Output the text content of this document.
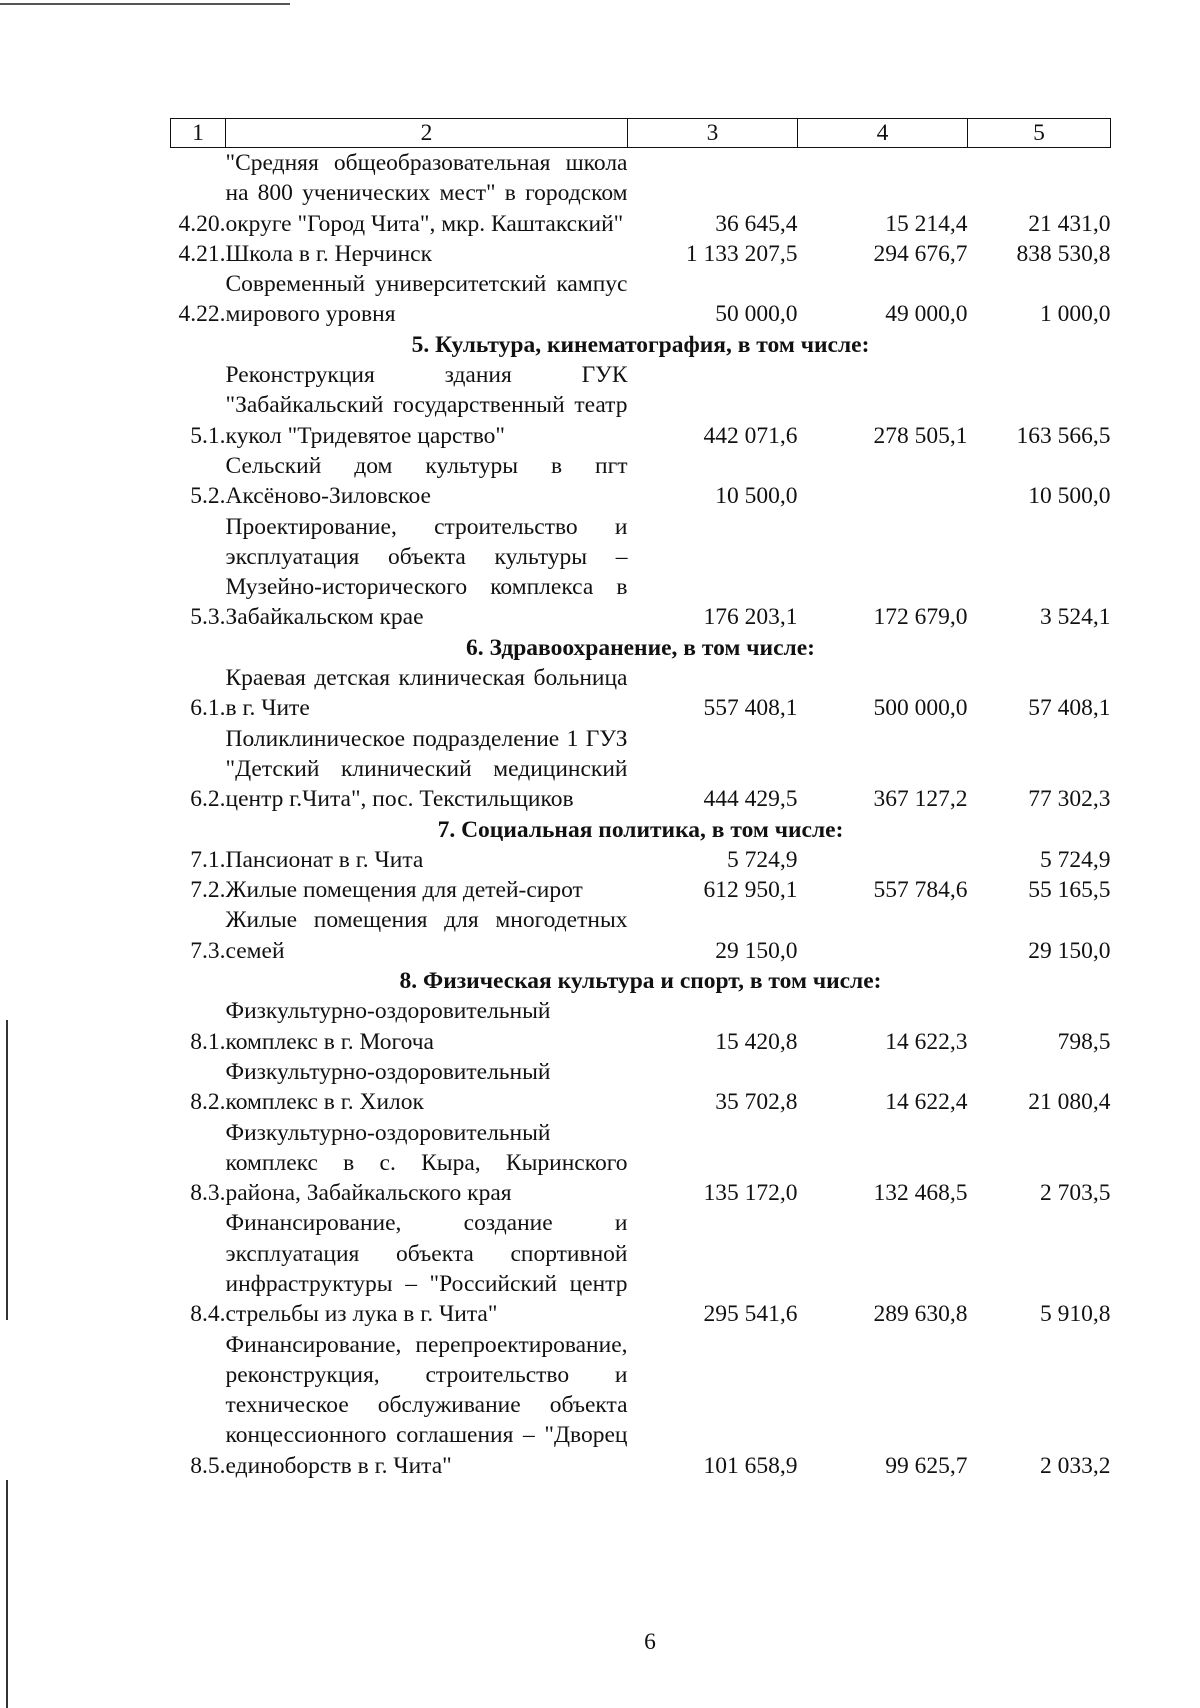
1	2	3	4	5
4.20.	"Средняя общеобразовательная школа на 800 ученических мест" в городском округе "Город Чита", мкр. Каштакский"	36 645,4	15 214,4	21 431,0
4.21.	Школа в г. Нерчинск	1 133 207,5	294 676,7	838 530,8
4.22.	Современный университетский кампус мирового уровня	50 000,0	49 000,0	1 000,0
5. Культура, кинематография, в том числе:				
5.1.	Реконструкция здания ГУК "Забайкальский государственный театр кукол "Тридевятое царство"	442 071,6	278 505,1	163 566,5
5.2.	Сельский дом культуры в пгт Аксёново-Зиловское	10 500,0		10 500,0
5.3.	Проектирование, строительство и эксплуатация объекта культуры – Музейно-исторического комплекса в Забайкальском крае	176 203,1	172 679,0	3 524,1
6. Здравоохранение, в том числе:				
6.1.	Краевая детская клиническая больница в г. Чите	557 408,1	500 000,0	57 408,1
6.2.	Поликлиническое подразделение 1 ГУЗ "Детский клинический медицинский центр г.Чита", пос. Текстильщиков	444 429,5	367 127,2	77 302,3
7. Социальная политика, в том числе:				
7.1.	Пансионат в г. Чита	5 724,9		5 724,9
7.2.	Жилые помещения для детей-сирот	612 950,1	557 784,6	55 165,5
7.3.	Жилые помещения для многодетных семей	29 150,0		29 150,0
8. Физическая культура и спорт, в том числе:				
8.1.	Физкультурно-оздоровительный комплекс в г. Могоча	15 420,8	14 622,3	798,5
8.2.	Физкультурно-оздоровительный комплекс в г. Хилок	35 702,8	14 622,4	21 080,4
8.3.	Физкультурно-оздоровительный комплекс в с. Кыра, Кыринского района, Забайкальского края	135 172,0	132 468,5	2 703,5
8.4.	Финансирование, создание и эксплуатация объекта спортивной инфраструктуры – "Российский центр стрельбы из лука в г. Чита"	295 541,6	289 630,8	5 910,8
8.5.	Финансирование, перепроектирование, реконструкция, строительство и техническое обслуживание объекта концессионного соглашения – "Дворец единоборств в г. Чита"	101 658,9	99 625,7	2 033,2
6
